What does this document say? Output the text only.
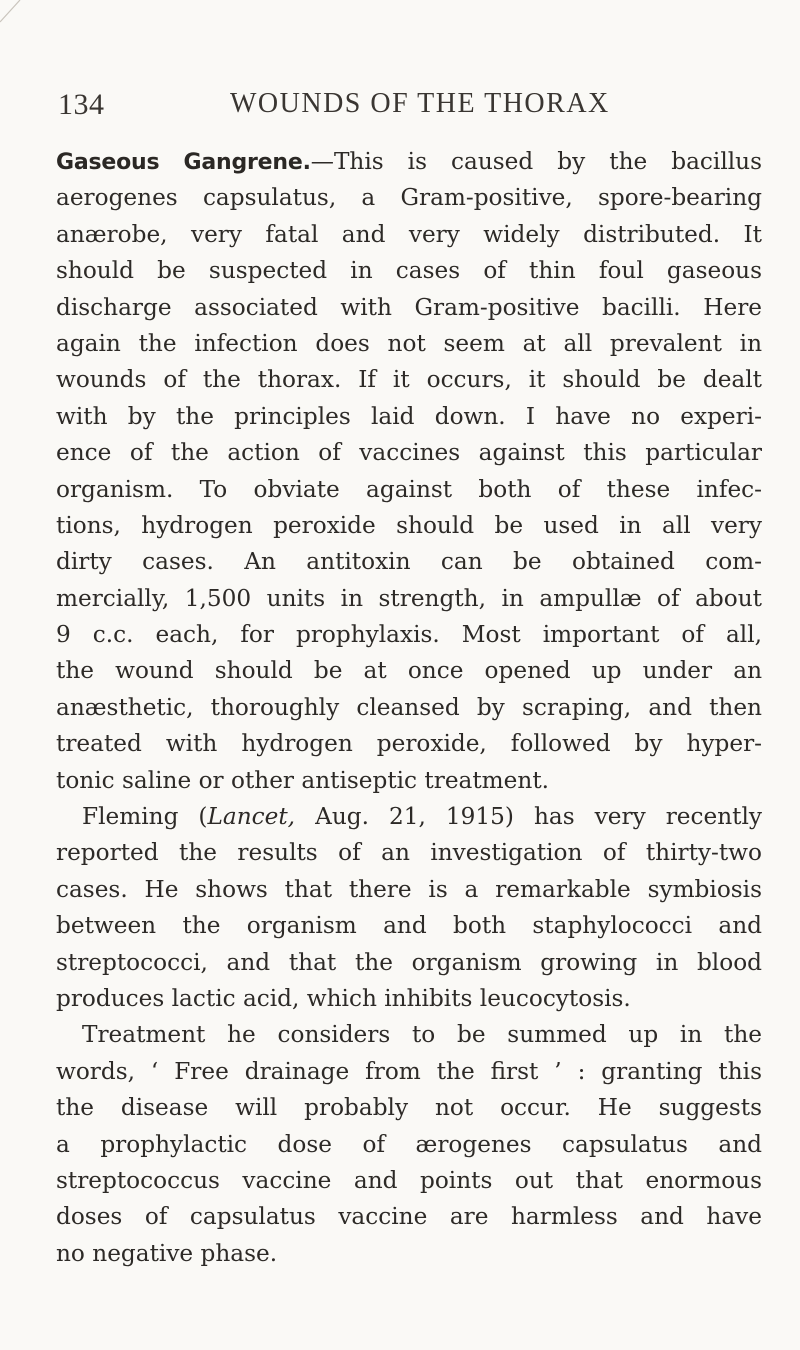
134	WOUNDS OF THE THORAX
Gaseous Gangrene.—This is caused by the bacillus
aerogenes capsulatus, a Gram-positive, spore-bearing
anærobe, very fatal and very widely distributed. It
should be suspected in cases of thin foul gaseous
discharge associated with Gram-positive bacilli. Here
again the infection does not seem at all prevalent in
wounds of the thorax. If it occurs, it should be dealt
with by the principles laid down. I have no experi-
ence of the action of vaccines against this particular
organism. To obviate against both of these infec-
tions, hydrogen peroxide should be used in all very
dirty cases. An antitoxin can be obtained com-
mercially, 1,500 units in strength, in ampullæ of about
9 c.c. each, for prophylaxis. Most important of all,
the wound should be at once opened up under an
anæsthetic, thoroughly cleansed by scraping, and then
treated with hydrogen peroxide, followed by hyper-
tonic saline or other antiseptic treatment.
Fleming (Lancet, Aug. 21, 1915) has very recently
reported the results of an investigation of thirty-two
cases. He shows that there is a remarkable symbiosis
between the organism and both staphylococci and
streptococci, and that the organism growing in blood
produces lactic acid, which inhibits leucocytosis.
Treatment he considers to be summed up in the
words, ‘ Free drainage from the first ’ : granting this
the disease will probably not occur. He suggests
a prophylactic dose of ærogenes capsulatus and
streptococcus vaccine and points out that enormous
doses of capsulatus vaccine are harmless and have
no negative phase.
